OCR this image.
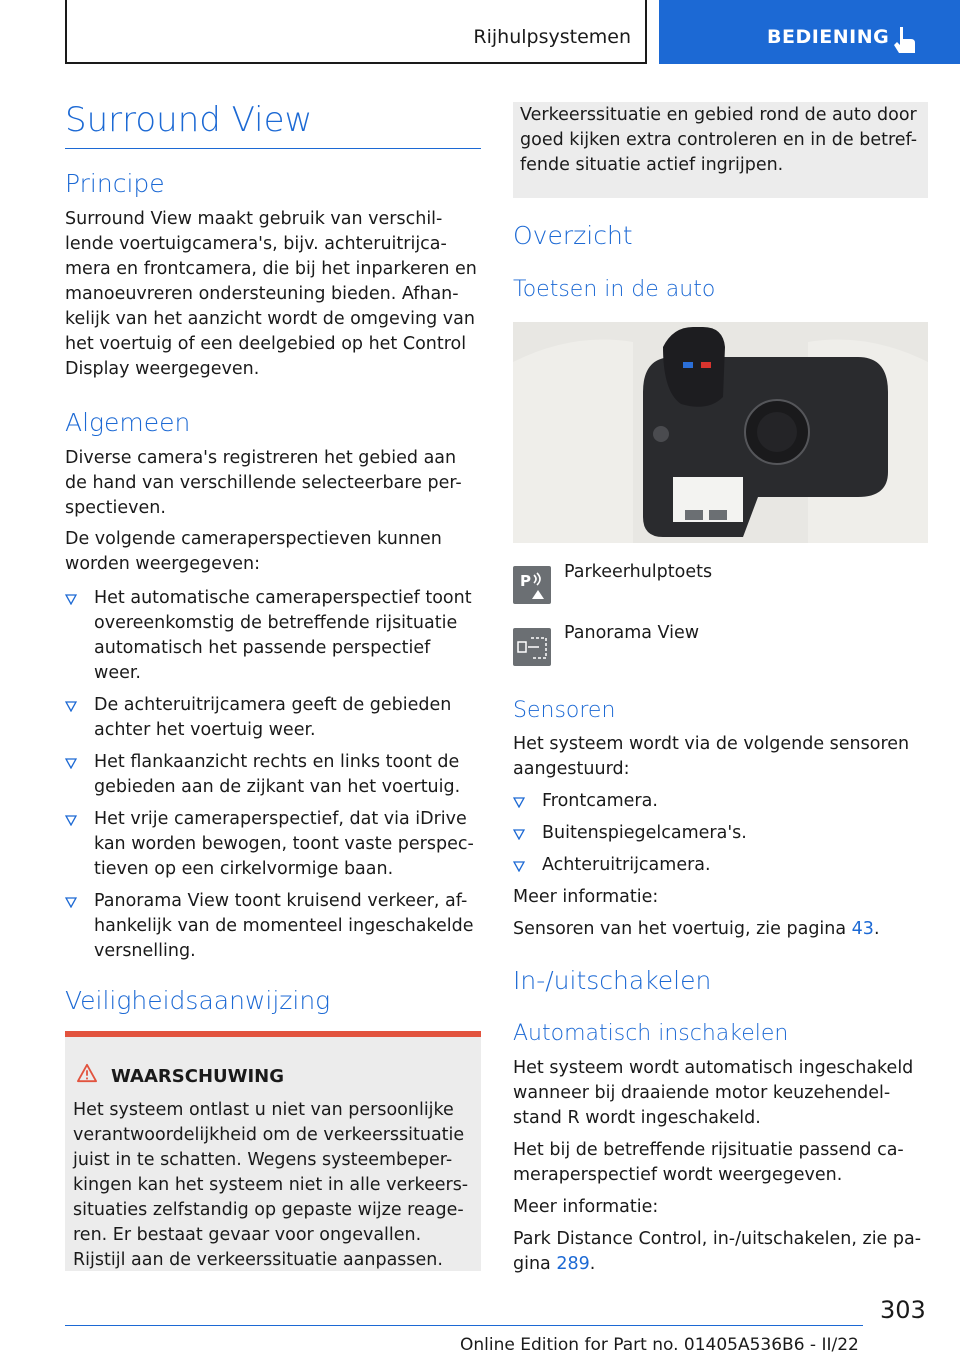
Rijhulpsystemen	BEDIENING
Surround View
Principe
Surround View maakt gebruik van verschil-
lende voertuigcamera's, bijv. achteruitrijca-
mera en frontcamera, die bij het inparkeren en
manoeuvreren ondersteuning bieden. Afhan-
kelijk van het aanzicht wordt de omgeving van
het voertuig of een deelgebied op het Control
Display weergegeven.
Algemeen
Diverse camera's registreren het gebied aan
de hand van verschillende selecteerbare per-
spectieven.
De volgende cameraperspectieven kunnen
worden weergegeven:
Het automatische cameraperspectief toont
overeenkomstig de betreffende rijsituatie
automatisch het passende perspectief
weer.
De achteruitrijcamera geeft de gebieden
achter het voertuig weer.
Het flankaanzicht rechts en links toont de
gebieden aan de zijkant van het voertuig.
Het vrije cameraperspectief, dat via iDrive
kan worden bewogen, toont vaste perspec-
tieven op een cirkelvormige baan.
Panorama View toont kruisend verkeer, af-
hankelijk van de momenteel ingeschakelde
versnelling.
Veiligheidsaanwijzing
WAARSCHUWING
Het systeem ontlast u niet van persoonlijke
verantwoordelijkheid om de verkeerssituatie
juist in te schatten. Wegens systeembeper-
kingen kan het systeem niet in alle verkeers-
situaties zelfstandig op gepaste wijze reage-
ren. Er bestaat gevaar voor ongevallen.
Rijstijl aan de verkeerssituatie aanpassen.
Verkeerssituatie en gebied rond de auto door
goed kijken extra controleren en in de betref-
fende situatie actief ingrijpen.
Overzicht
Toetsen in de auto
P Parkeerhulptoets
Panorama View
Sensoren
Het systeem wordt via de volgende sensoren
aangestuurd:
Frontcamera.
Buitenspiegelcamera's.
Achteruitrijcamera.
Meer informatie:
Sensoren van het voertuig, zie pagina 43.
In-/uitschakelen
Automatisch inschakelen
Het systeem wordt automatisch ingeschakeld
wanneer bij draaiende motor keuzehendel-
stand R wordt ingeschakeld.
Het bij de betreffende rijsituatie passend ca-
meraperspectief wordt weergegeven.
Meer informatie:
Park Distance Control, in-/uitschakelen, zie pa-
gina 289.
303
Online Edition for Part no. 01405A536B6 - II/22
